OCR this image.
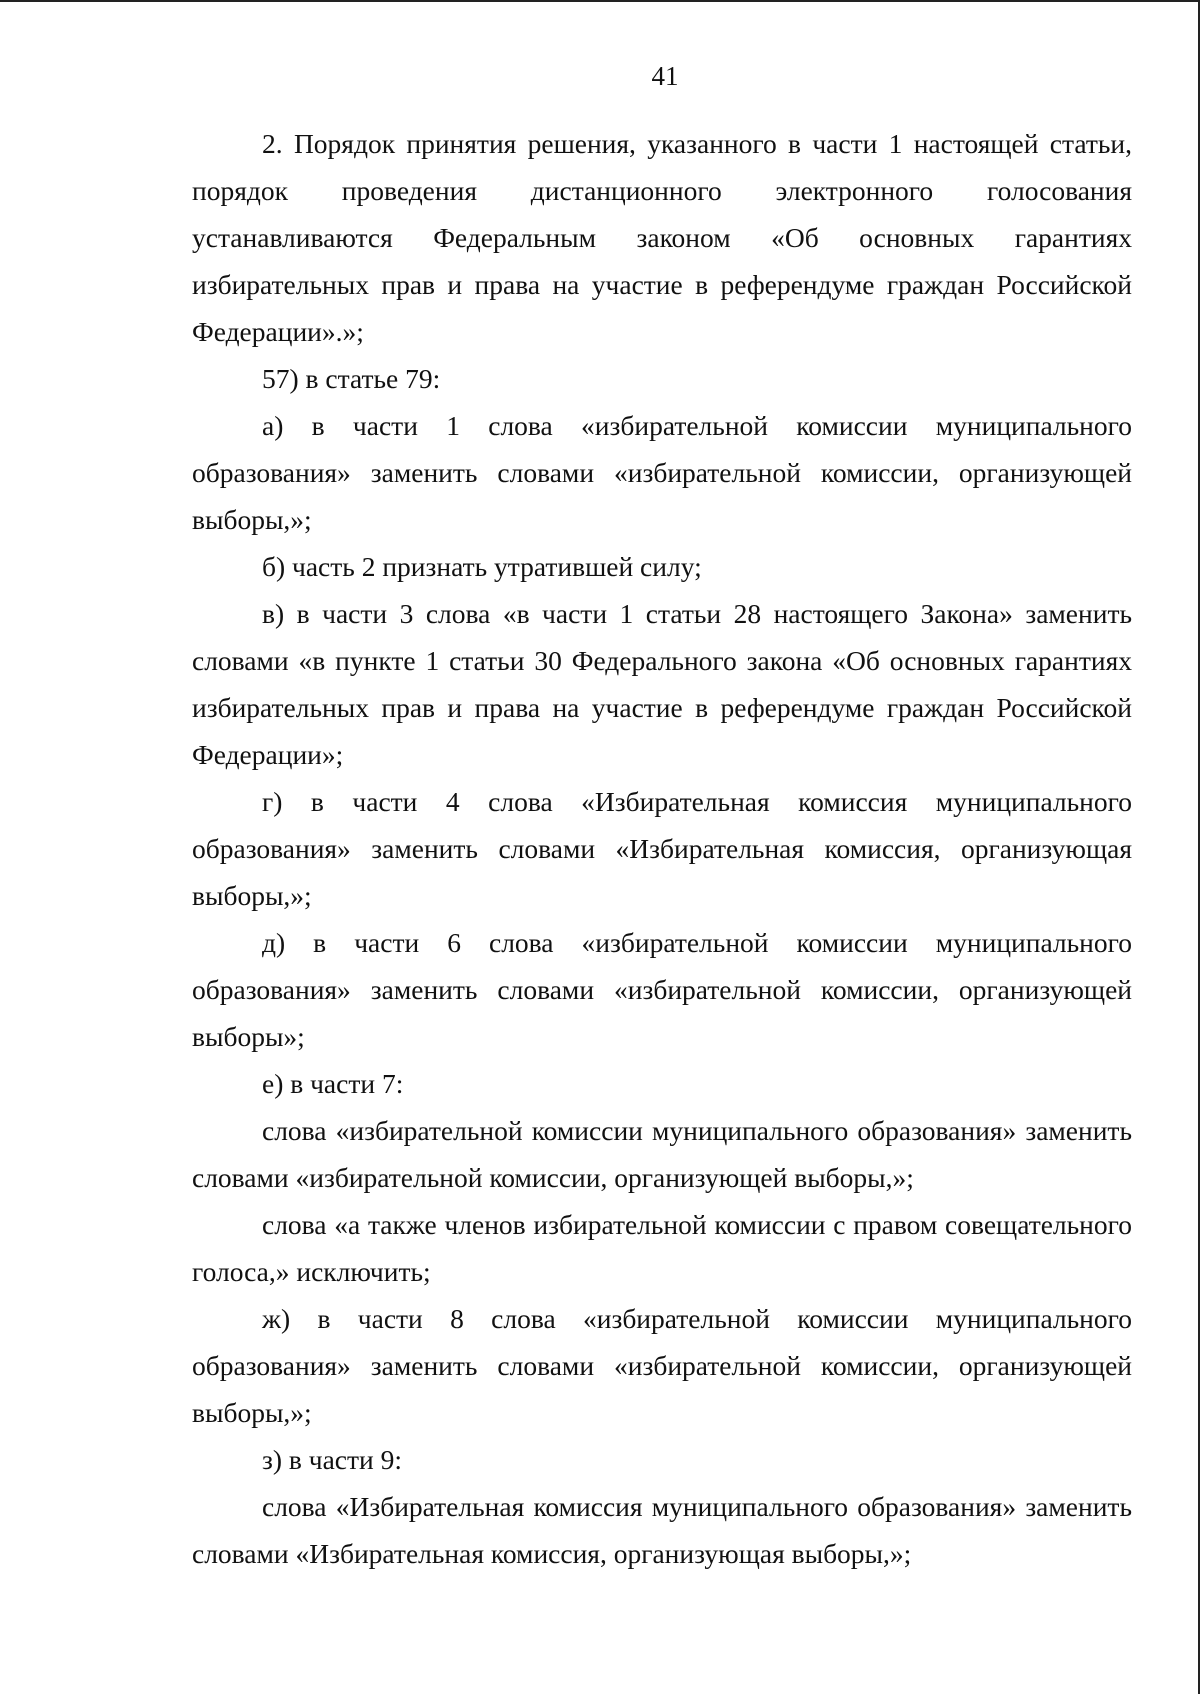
41

2. Порядок принятия решения, указанного в части 1 настоящей статьи, порядок проведения дистанционного электронного голосования устанавливаются Федеральным законом «Об основных гарантиях избирательных прав и права на участие в референдуме граждан Российской Федерации».»;

57) в статье 79:

а) в части 1 слова «избирательной комиссии муниципального образования» заменить словами «избирательной комиссии, организующей выборы,»;

б) часть 2 признать утратившей силу;

в) в части 3 слова «в части 1 статьи 28 настоящего Закона» заменить словами «в пункте 1 статьи 30 Федерального закона «Об основных гарантиях избирательных прав и права на участие в референдуме граждан Российской Федерации»;

г) в части 4 слова «Избирательная комиссия муниципального образования» заменить словами «Избирательная комиссия, организующая выборы,»;

д) в части 6 слова «избирательной комиссии муниципального образования» заменить словами «избирательной комиссии, организующей выборы»;

е) в части 7:

слова «избирательной комиссии муниципального образования» заменить словами «избирательной комиссии, организующей выборы,»;

слова «а также членов избирательной комиссии с правом совещательного голоса,» исключить;

ж) в части 8 слова «избирательной комиссии муниципального образования» заменить словами «избирательной комиссии, организующей выборы,»;

з) в части 9:

слова «Избирательная комиссия муниципального образования» заменить словами «Избирательная комиссия, организующая выборы,»;
